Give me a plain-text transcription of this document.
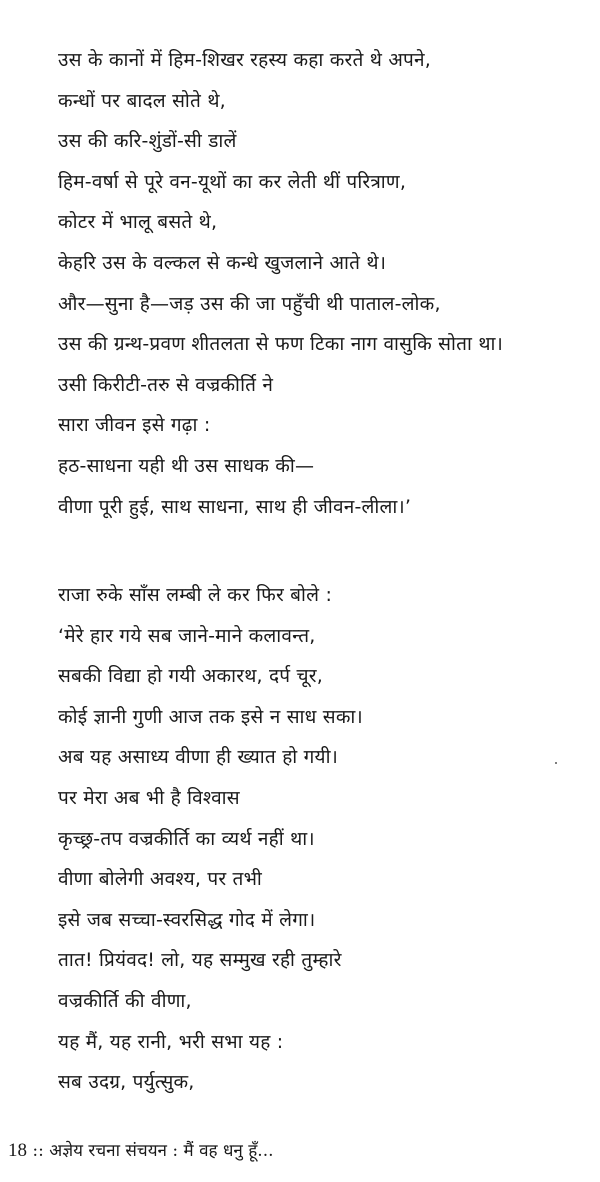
उस के कानों में हिम-शिखर रहस्य कहा करते थे अपने,
कन्धों पर बादल सोते थे,
उस की करि-शुंडों-सी डालें
हिम-वर्षा से पूरे वन-यूथों का कर लेती थीं परित्राण,
कोटर में भालू बसते थे,
केहरि उस के वल्कल से कन्धे खुजलाने आते थे।
और—सुना है—जड़ उस की जा पहुँची थी पाताल-लोक,
उस की ग्रन्थ-प्रवण शीतलता से फण टिका नाग वासुकि सोता था।
उसी किरीटी-तरु से वज्रकीर्ति ने
सारा जीवन इसे गढ़ा :
हठ-साधना यही थी उस साधक की—
वीणा पूरी हुई, साथ साधना, साथ ही जीवन-लीला।’
राजा रुके साँस लम्बी ले कर फिर बोले :
‘मेरे हार गये सब जाने-माने कलावन्त,
सबकी विद्या हो गयी अकारथ, दर्प चूर,
कोई ज्ञानी गुणी आज तक इसे न साध सका।
अब यह असाध्य वीणा ही ख्यात हो गयी।
पर मेरा अब भी है विश्वास
कृच्छ्र-तप वज्रकीर्ति का व्यर्थ नहीं था।
वीणा बोलेगी अवश्य, पर तभी
इसे जब सच्चा-स्वरसिद्ध गोद में लेगा।
तात! प्रियंवद! लो, यह सम्मुख रही तुम्हारे
वज्रकीर्ति की वीणा,
यह मैं, यह रानी, भरी सभा यह :
सब उदग्र, पर्युत्सुक,
18 :: अज्ञेय रचना संचयन : मैं वह धनु हूँ...
